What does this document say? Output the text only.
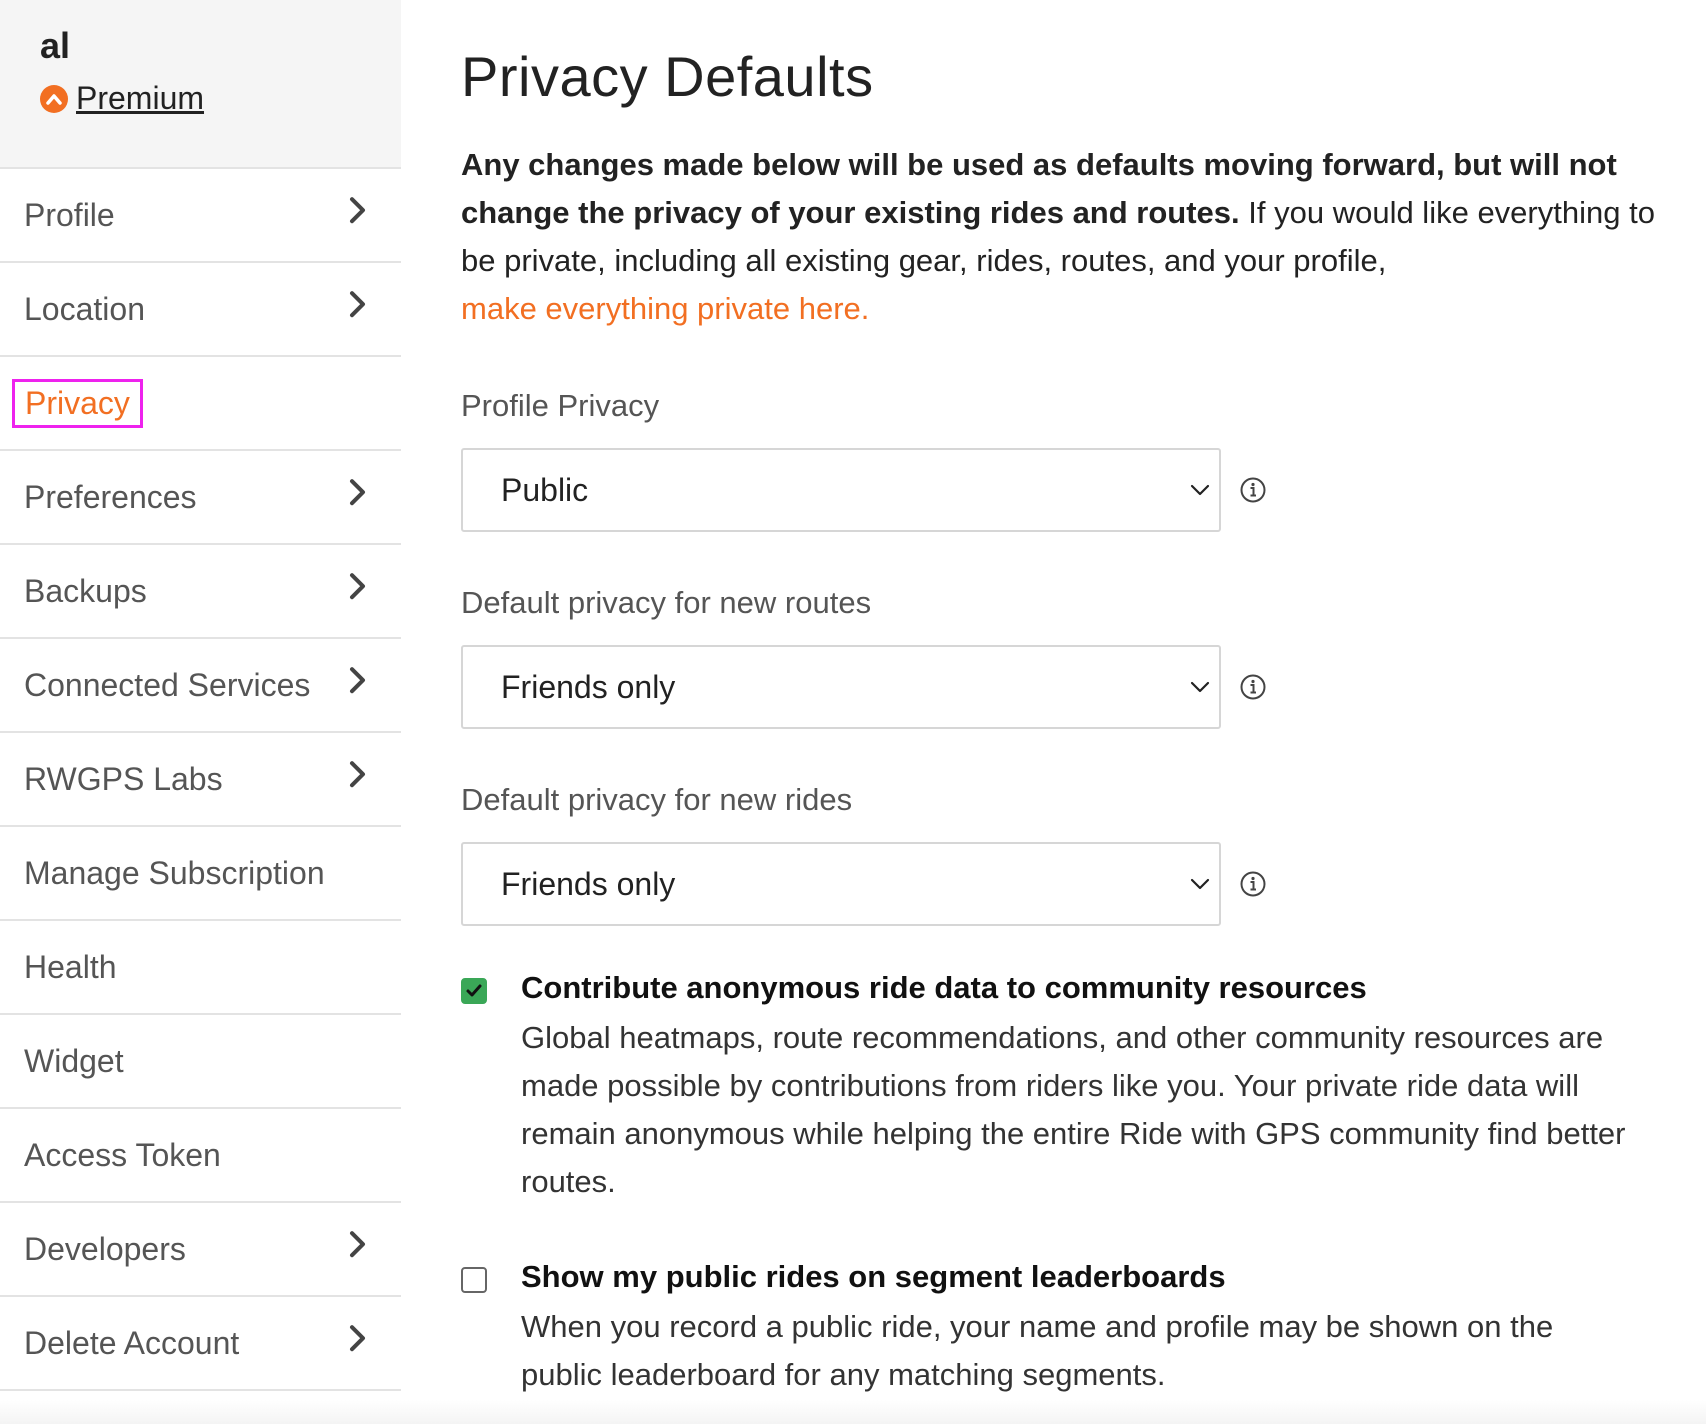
al
Premium
Profile
Location
Privacy
Preferences
Backups
Connected Services
RWGPS Labs
Manage Subscription
Health
Widget
Access Token
Developers
Delete Account
Privacy Defaults

Any changes made below will be used as defaults moving forward, but will not change the privacy of your existing rides and routes. If you would like everything to be private, including all existing gear, rides, routes, and your profile,
make everything private here.

Profile Privacy
Public
Default privacy for new routes
Friends only
Default privacy for new rides
Friends only
Contribute anonymous ride data to community resources
Global heatmaps, route recommendations, and other community resources are made possible by contributions from riders like you. Your private ride data will remain anonymous while helping the entire Ride with GPS community find better routes.
Show my public rides on segment leaderboards
When you record a public ride, your name and profile may be shown on the public leaderboard for any matching segments.
